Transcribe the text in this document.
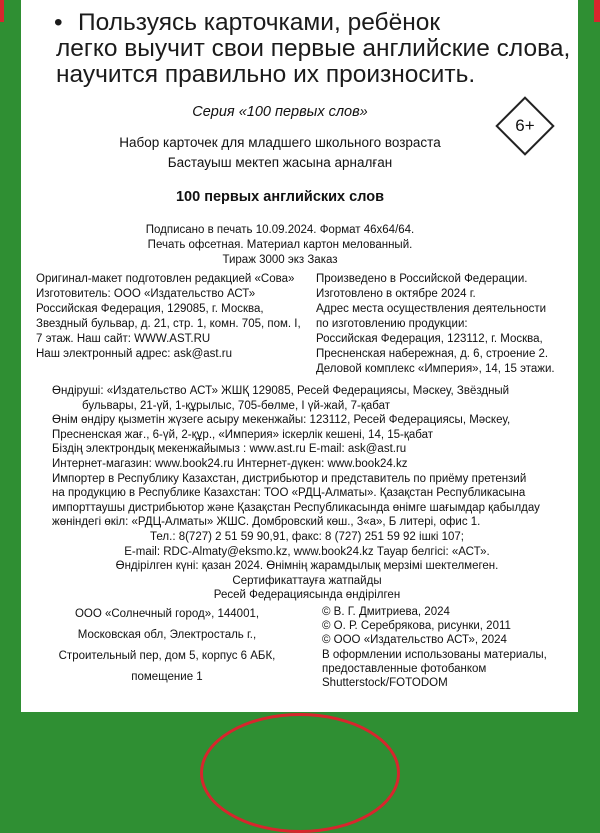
• Пользуясь карточками, ребёнок

легко выучит свои первые английские слова,

научится правильно их произносить.

6+
Серия «100 первых слов»
Набор карточек для младшего школьного возраста
Бастауыш мектеп жасына арналған
100 первых английских слов
Подписано в печать 10.09.2024. Формат 46х64/64.
Печать офсетная. Материал картон мелованный.
Тираж 3000 экз Заказ
Оригинал-макет подготовлен редакцией «Сова»
Изготовитель: ООО «Издательство АСТ»
Российская Федерация, 129085, г. Москва,
Звездный бульвар, д. 21, стр. 1, комн. 705, пом. I,
7 этаж. Наш сайт: WWW.AST.RU
Наш электронный адрес: ask@ast.ru
Произведено в Российской Федерации.
Изготовлено в октябре 2024 г.
Адрес места осуществления деятельности
по изготовлению продукции:
Российская Федерация, 123112, г. Москва,
Пресненская набережная, д. 6, строение 2.
Деловой комплекс «Империя», 14, 15 этажи.
Өндіруші: «Издательство АСТ» ЖШҚ 129085, Ресей Федерациясы, Мәскеу, Звёздный
бульвары, 21-үй, 1-құрылыс, 705-бөлме, I үй-жай, 7-қабат
Өнім өндіру қызметін жүзеге асыру мекенжайы: 123112, Ресей Федерациясы, Мәскеу,
Пресненская жағ., 6-үй, 2-құр., «Империя» іскерлік кешені, 14, 15-қабат
Біздің электрондық мекенжайымыз : www.ast.ru E-mail: ask@ast.ru
Интернет-магазин: www.book24.ru Интернет-дүкен: www.book24.kz
Импортер в Республику Казахстан, дистрибьютор и представитель по приёму претензий
на продукцию в Республике Казахстан: ТОО «РДЦ-Алматы». Қазақстан Республикасына
импорттаушы дистрибьютор және Қазақстан Республикасында өнімге шағымдар қабылдау
жөніндегі өкіл: «РДЦ-Алматы» ЖШС. Домбровский көш., 3«а», Б литері, офис 1.
Тел.: 8(727) 2 51 59 90,91, факс: 8 (727) 251 59 92 ішкі 107;
E-mail: RDC-Almaty@eksmo.kz, www.book24.kz Тауар белгісі: «АСТ».
Өндірілген күні: қазан 2024. Өнімнің жарамдылық мерзімі шектелмеген.
Сертификаттауға жатпайды
Ресей Федерациясында өндірілген
ООО «Солнечный город», 144001,
Московская обл, Электросталь г.,
Строительный пер, дом 5, корпус 6 АБК,
помещение 1
© В. Г. Дмитриева, 2024
© О. Р. Серебрякова, рисунки, 2011
© ООО «Издательство АСТ», 2024
В оформлении использованы материалы,
предоставленные фотобанком
Shutterstock/FOTODOM
